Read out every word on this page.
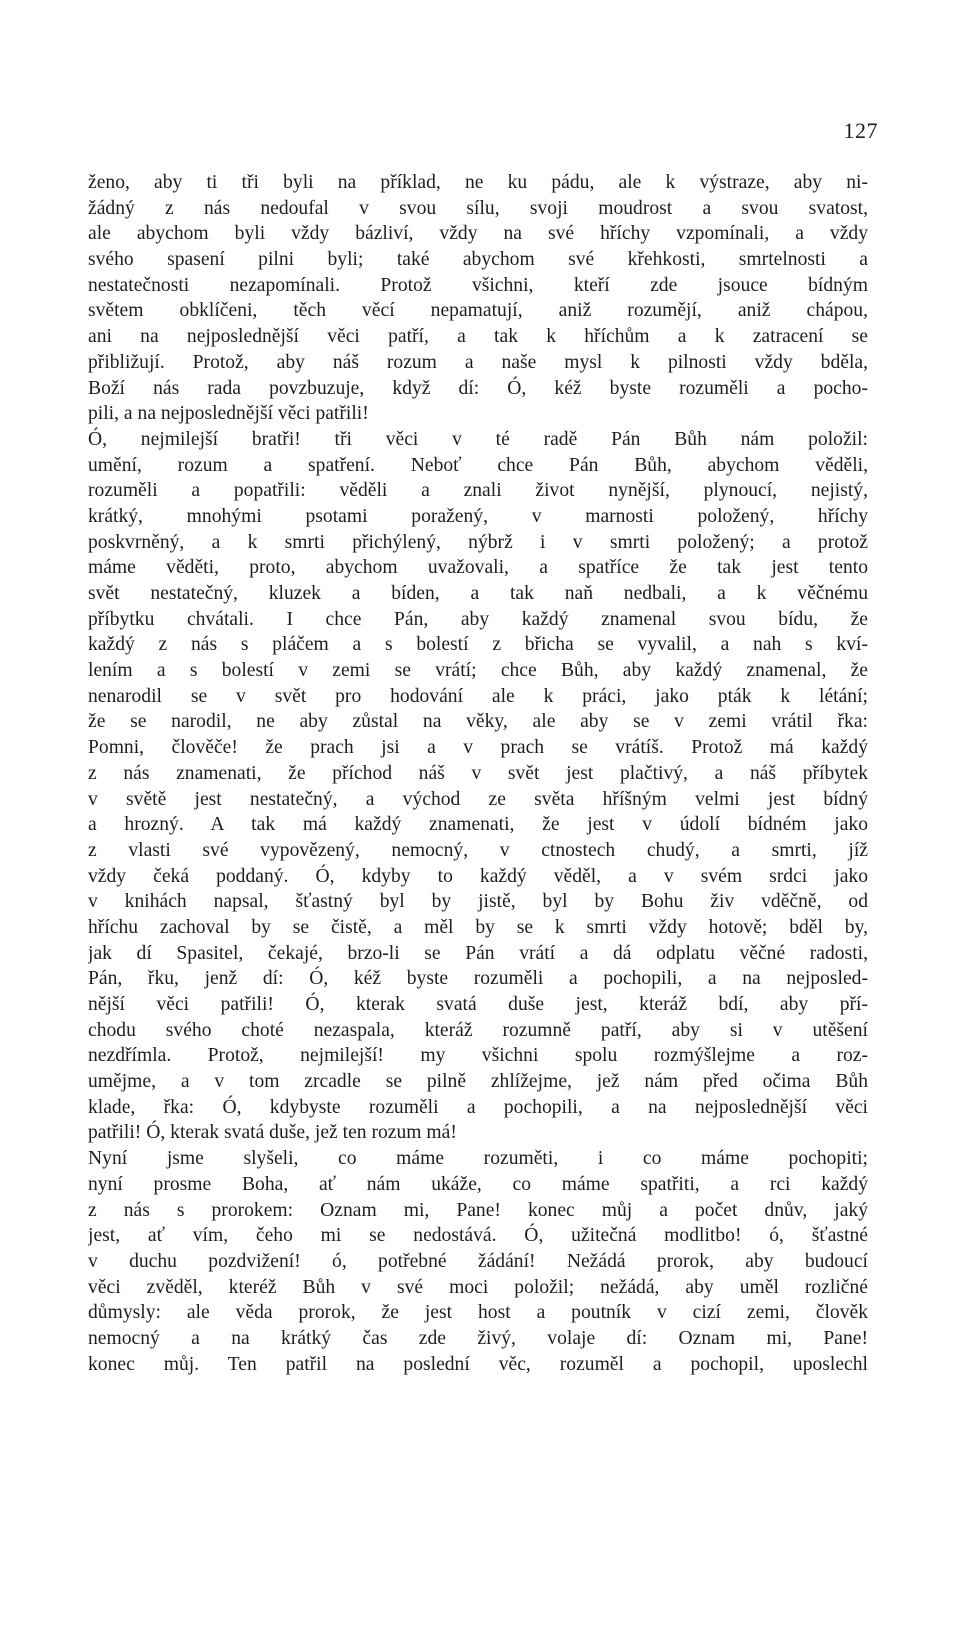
127
ženo, aby ti tři byli na příklad, ne ku pádu, ale k výstraze, aby ni-
žádný z nás nedoufal v svou sílu, svoji moudrost a svou svatost,
ale abychom byli vždy bázliví, vždy na své hříchy vzpomínali, a vždy
svého spasení pilni byli; také abychom své křehkosti, smrtelnosti a
nestatečnosti nezapomínali. Protož všichni, kteří zde jsouce bídným
světem obklíčeni, těch věcí nepamatují, aniž rozumějí, aniž chápou,
ani na nejposlednější věci patří, a tak k hříchům a k zatracení se
přibližují. Protož, aby náš rozum a naše mysl k pilnosti vždy bděla,
Boží nás rada povzbuzuje, když dí: Ó, kéž byste rozuměli a pocho-
pili, a na nejposlednější věci patřili!
Ó, nejmilejší bratři! tři věci v té radě Pán Bůh nám položil:
umění, rozum a spatření. Neboť chce Pán Bůh, abychom věděli,
rozuměli a popatřili: věděli a znali život nynější, plynoucí, nejistý,
krátký, mnohými psotami poražený, v marnosti položený, hříchy
poskvrněný, a k smrti přichýlený, nýbrž i v smrti položený; a protož
máme věděti, proto, abychom uvažovali, a spatříce že tak jest tento
svět nestatečný, kluzek a bíden, a tak naň nedbali, a k věčnému
příbytku chvátali. I chce Pán, aby každý znamenal svou bídu, že
každý z nás s pláčem a s bolestí z břicha se vyvalil, a nah s kví-
lením a s bolestí v zemi se vrátí; chce Bůh, aby každý znamenal, že
nenarodil se v svět pro hodování ale k práci, jako pták k létání;
že se narodil, ne aby zůstal na věky, ale aby se v zemi vrátil řka:
Pomni, člověče! že prach jsi a v prach se vrátíš. Protož má každý
z nás znamenati, že příchod náš v svět jest plačtivý, a náš příbytek
v světě jest nestatečný, a východ ze světa hříšným velmi jest bídný
a hrozný. A tak má každý znamenati, že jest v údolí bídném jako
z vlasti své vypovězený, nemocný, v ctnostech chudý, a smrti, jíž
vždy čeká poddaný. Ó, kdyby to každý věděl, a v svém srdci jako
v knihách napsal, šťastný byl by jistě, byl by Bohu živ vděčně, od
hříchu zachoval by se čistě, a měl by se k smrti vždy hotově; bděl by,
jak dí Spasitel, čekajé, brzo-li se Pán vrátí a dá odplatu věčné radosti,
Pán, řku, jenž dí: Ó, kéž byste rozuměli a pochopili, a na nejposled-
nější věci patřili! Ó, kterak svatá duše jest, kteráž bdí, aby pří-
chodu svého choté nezaspala, kteráž rozumně patří, aby si v utěšení
nezdřímla. Protož, nejmilejší! my všichni spolu rozmýšlejme a roz-
umějme, a v tom zrcadle se pilně zhlížejme, jež nám před očima Bůh
klade, řka: Ó, kdybyste rozuměli a pochopili, a na nejposlednější věci
patřili! Ó, kterak svatá duše, jež ten rozum má!
Nyní jsme slyšeli, co máme rozuměti, i co máme pochopiti;
nyní prosme Boha, ať nám ukáže, co máme spatřiti, a rci každý
z nás s prorokem: Oznam mi, Pane! konec můj a počet dnův, jaký
jest, ať vím, čeho mi se nedostává. Ó, užitečná modlitbo! ó, šťastné
v duchu pozdvižení! ó, potřebné žádání! Nežádá prorok, aby budoucí
věci zvěděl, kteréž Bůh v své moci položil; nežádá, aby uměl rozličné
důmysly: ale věda prorok, že jest host a poutník v cizí zemi, člověk
nemocný a na krátký čas zde živý, volaje dí: Oznam mi, Pane!
konec můj. Ten patřil na poslední věc, rozuměl a pochopil, uposlechl
